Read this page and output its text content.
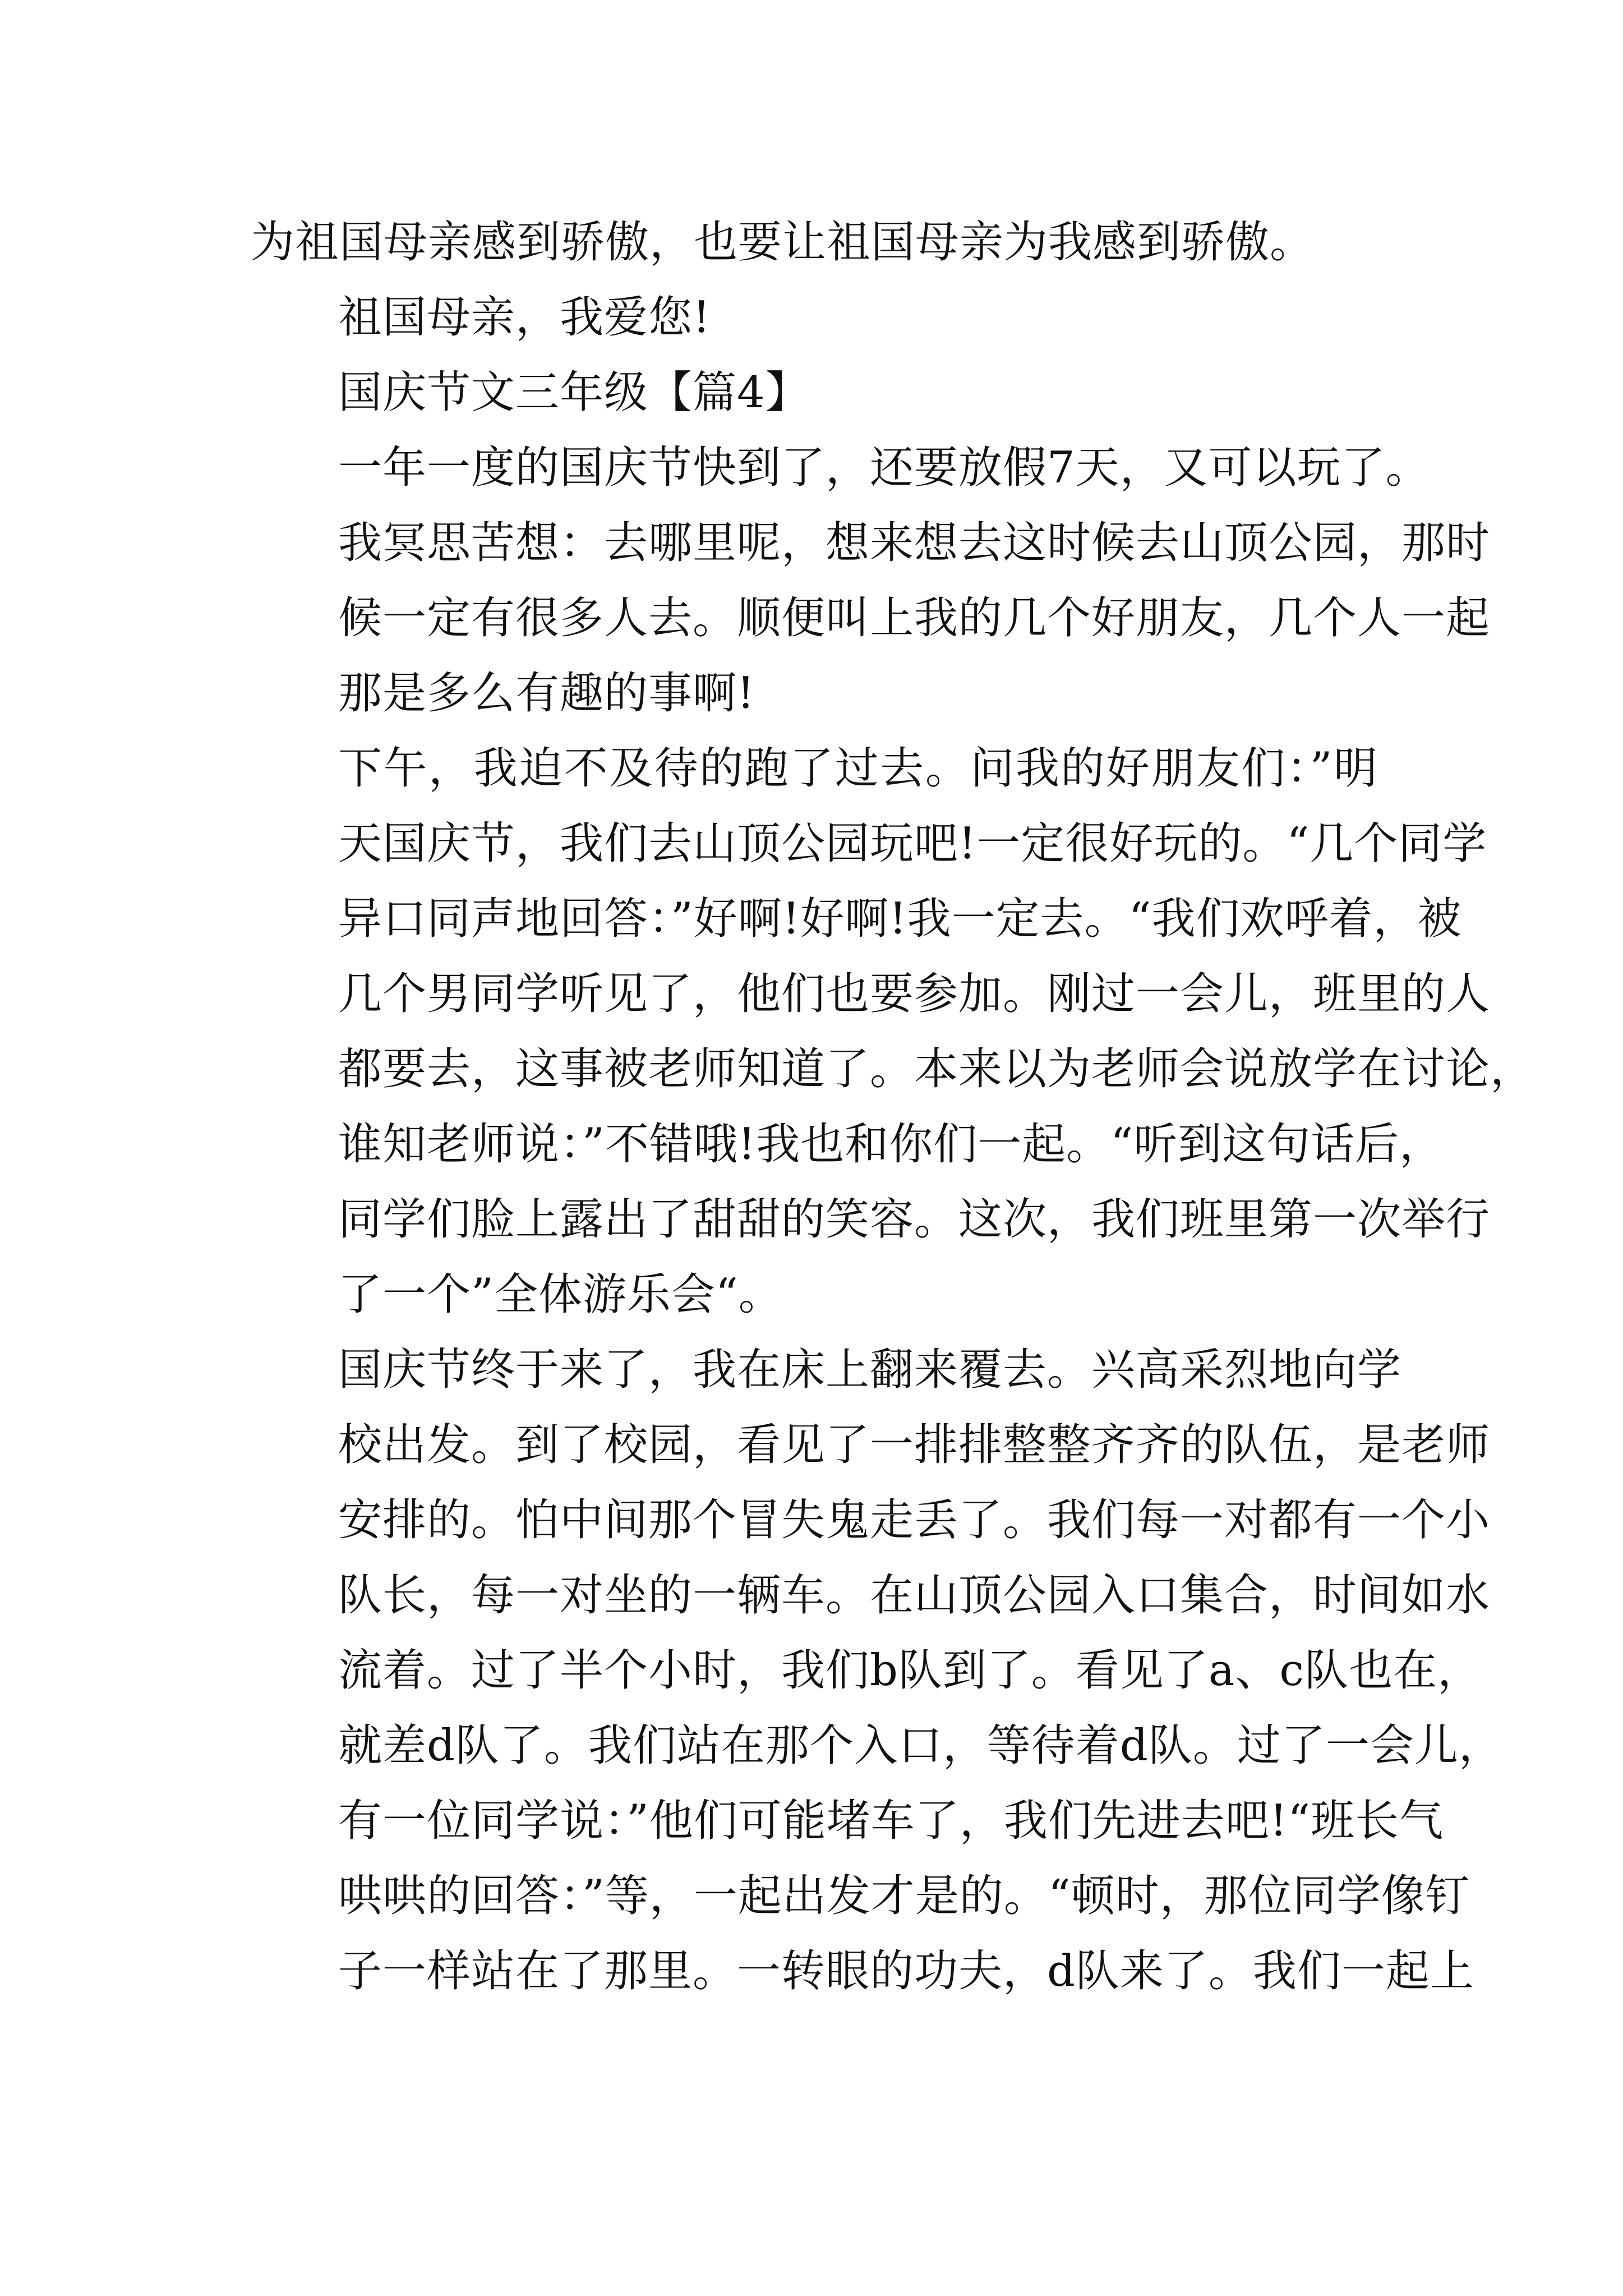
为祖国母亲感到骄傲，也要让祖国母亲为我感到骄傲。
祖国母亲，我爱您!
国庆节文三年级【篇4】
一年一度的国庆节快到了，还要放假7天，又可以玩了。
我冥思苦想：去哪里呢，想来想去这时候去山顶公园，那时
候一定有很多人去。顺便叫上我的几个好朋友，几个人一起
那是多么有趣的事啊!
下午，我迫不及待的跑了过去。问我的好朋友们：”明
天国庆节，我们去山顶公园玩吧!一定很好玩的。“几个同学
异口同声地回答：”好啊!好啊!我一定去。“我们欢呼着，被
几个男同学听见了，他们也要参加。刚过一会儿，班里的人
都要去，这事被老师知道了。本来以为老师会说放学在讨论，
谁知老师说：”不错哦!我也和你们一起。“听到这句话后，
同学们脸上露出了甜甜的笑容。这次，我们班里第一次举行
了一个”全体游乐会“。
国庆节终于来了，我在床上翻来覆去。兴高采烈地向学
校出发。到了校园，看见了一排排整整齐齐的队伍，是老师
安排的。怕中间那个冒失鬼走丢了。我们每一对都有一个小
队长，每一对坐的一辆车。在山顶公园入口集合，时间如水
流着。过了半个小时，我们b队到了。看见了a、c队也在，
就差d队了。我们站在那个入口，等待着d队。过了一会儿，
有一位同学说：”他们可能堵车了，我们先进去吧!“班长气
哄哄的回答：”等，一起出发才是的。“顿时，那位同学像钉
子一样站在了那里。一转眼的功夫，d队来了。我们一起上
